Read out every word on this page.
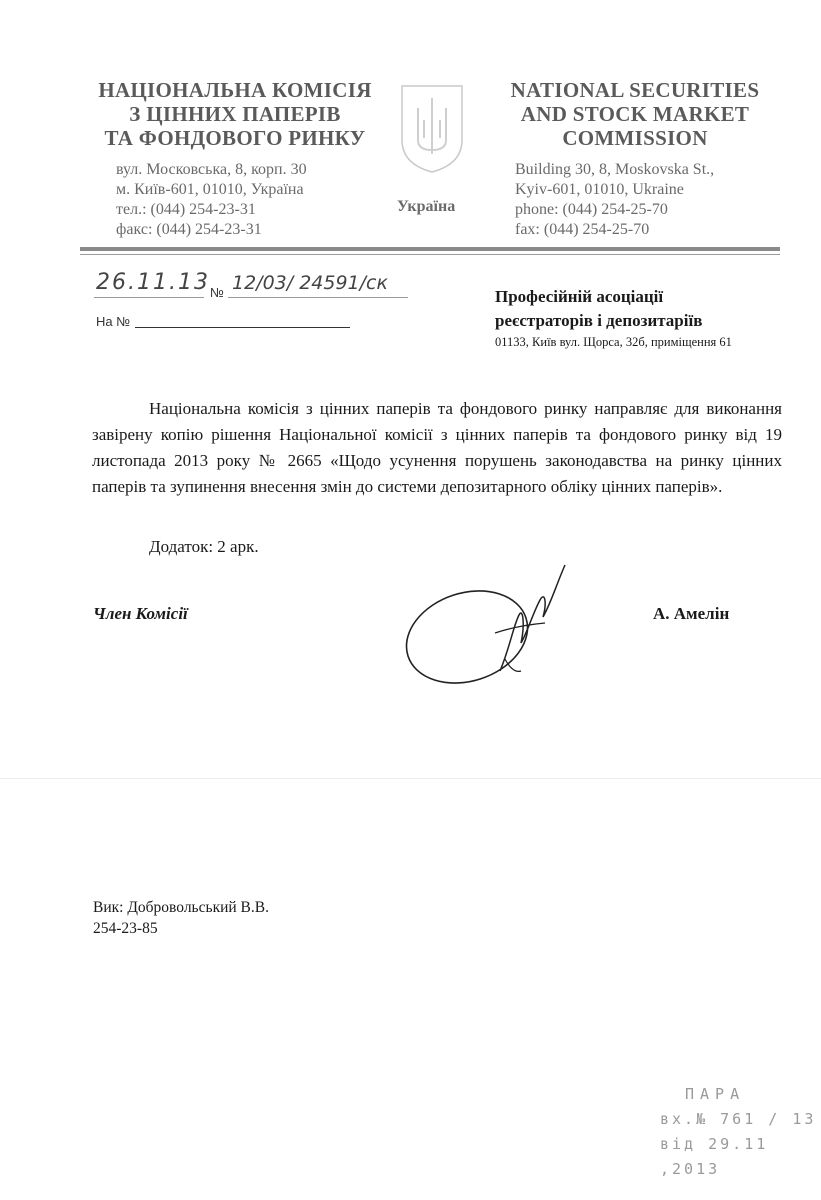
НАЦІОНАЛЬНА КОМІСІЯ
З ЦІННИХ ПАПЕРІВ
ТА ФОНДОВОГО РИНКУ
вул. Московська, 8, корп. 30
м. Київ-601, 01010, Україна
тел.: (044) 254-23-31
факс: (044) 254-23-31
Україна
NATIONAL SECURITIES
AND STOCK MARKET
COMMISSION
Building 30, 8, Moskovska St.,
Kyiv-601, 01010, Ukraine
phone: (044) 254-25-70
fax: (044) 254-25-70
26.11.13 № 12/03/ 24591/ск
На №
Професійній асоціації
реєстраторів і депозитаріїв
01133, Київ вул. Щорса, 32б, приміщення 61
Національна комісія з цінних паперів та фондового ринку направляє для виконання завірену копію рішення Національної комісії з цінних паперів та фондового ринку від 19 листопада 2013 року № 2665 «Щодо усунення порушень законодавства на ринку цінних паперів та зупинення внесення змін до системи депозитарного обліку цінних паперів».
Додаток: 2 арк.
Член Комісії	А. Амелін
Вик: Добровольський В.В.
254-23-85
ПАРА
вх.№ 761 / 13
від 29.11 ,2013
